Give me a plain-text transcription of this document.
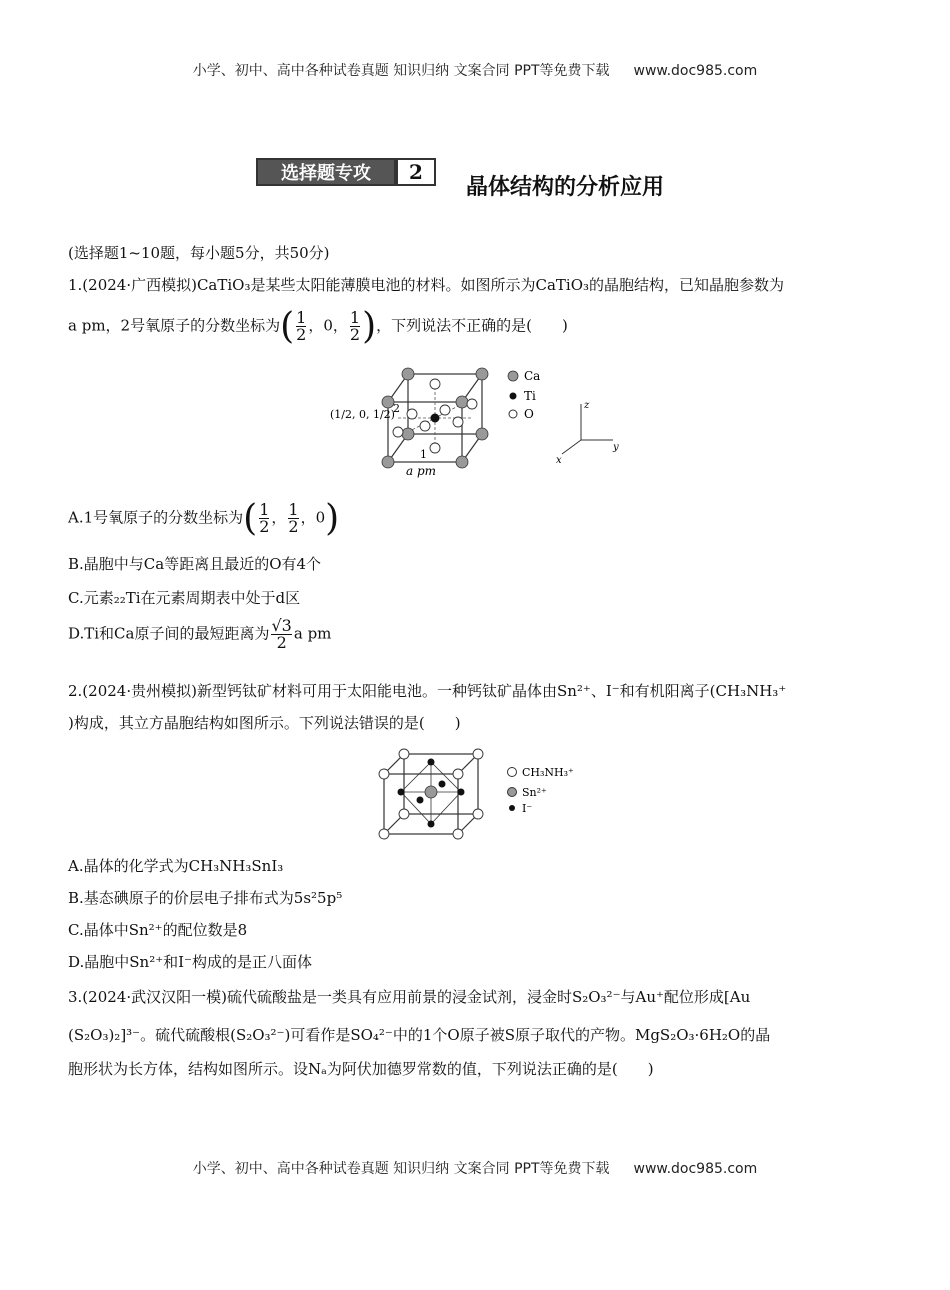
小学、初中、高中各种试卷真题 知识归纳 文案合同 PPT等免费下载 www.doc985.com
选择题专攻	2
晶体结构的分析应用
(选择题1~10题，每小题5分，共50分)
1.(2024·广西模拟)CaTiO₃是某些太阳能薄膜电池的材料。如图所示为CaTiO₃的晶胞结构，已知晶胞参数为
a pm，2号氧原子的分数坐标为( $\frac{1}{2}$ ，0， $\frac{1}{2}$ )，下列说法不正确的是(　　)
2
1
a pm
(1/2, 0, 1/2)
Ca
Ti
O
z
y
x
A.1号氧原子的分数坐标为( $\frac{1}{2}$ ， $\frac{1}{2}$ ，0)
B.晶胞中与Ca等距离且最近的O有4个
C.元素₂₂Ti在元素周期表中处于d区
D.Ti和Ca原子间的最短距离为 $\frac{√3}{2}$ a pm
2.(2024·贵州模拟)新型钙钛矿材料可用于太阳能电池。一种钙钛矿晶体由Sn²⁺、I⁻和有机阳离子(CH₃NH₃⁺
)构成，其立方晶胞结构如图所示。下列说法错误的是(　　)
CH₃NH₃⁺
Sn²⁺
I⁻
A.晶体的化学式为CH₃NH₃SnI₃
B.基态碘原子的价层电子排布式为5s²5p⁵
C.晶体中Sn²⁺的配位数是8
D.晶胞中Sn²⁺和I⁻构成的是正八面体
3.(2024·武汉汉阳一模)硫代硫酸盐是一类具有应用前景的浸金试剂，浸金时S₂O₃²⁻与Au⁺配位形成[Au
(S₂O₃)₂]³⁻。硫代硫酸根(S₂O₃²⁻)可看作是SO₄²⁻中的1个O原子被S原子取代的产物。MgS₂O₃·6H₂O的晶
胞形状为长方体，结构如图所示。设Nₐ为阿伏加德罗常数的值，下列说法正确的是(　　)
小学、初中、高中各种试卷真题 知识归纳 文案合同 PPT等免费下载 www.doc985.com
